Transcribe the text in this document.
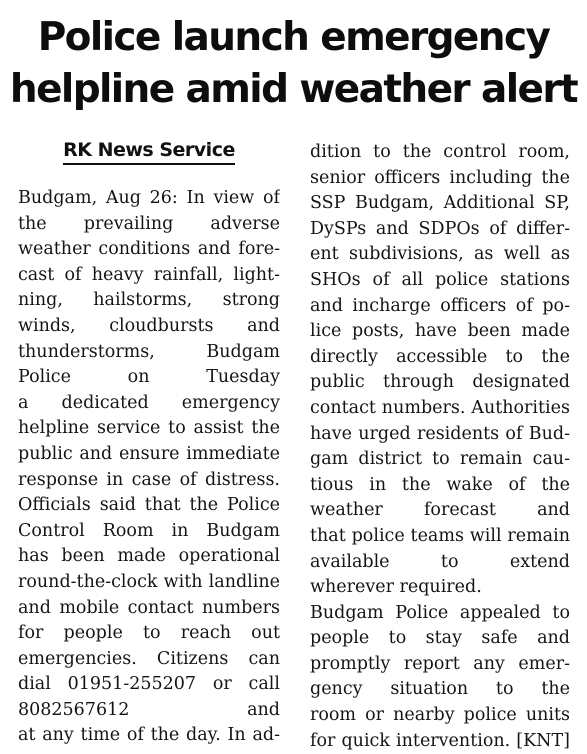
Police launch emergency
helpline amid weather alert
RK News Service
Budgam, Aug 26: In view of
the prevailing adverse
weather conditions and fore-
cast of heavy rainfall, light-
ning, hailstorms, strong
winds, cloudbursts and
thunderstorms, Budgam
Police on Tuesday
a dedicated emergency
helpline service to assist the
public and ensure immediate
response in case of distress.
Officials said that the Police
Control Room in Budgam
has been made operational
round-the-clock with landline
and mobile contact numbers
for people to reach out
emergencies. Citizens can
dial 01951-255207 or call
8082567612 and
at any time of the day. In ad-
dition to the control room,
senior officers including the
SSP Budgam, Additional SP,
DySPs and SDPOs of differ-
ent subdivisions, as well as
SHOs of all police stations
and incharge officers of po-
lice posts, have been made
directly accessible to the
public through designated
contact numbers. Authorities
have urged residents of Bud-
gam district to remain cau-
tious in the wake of the
weather forecast and
that police teams will remain
available to extend
wherever required.
Budgam Police appealed to
people to stay safe and
promptly report any emer-
gency situation to the
room or nearby police units
for quick intervention. [KNT]
